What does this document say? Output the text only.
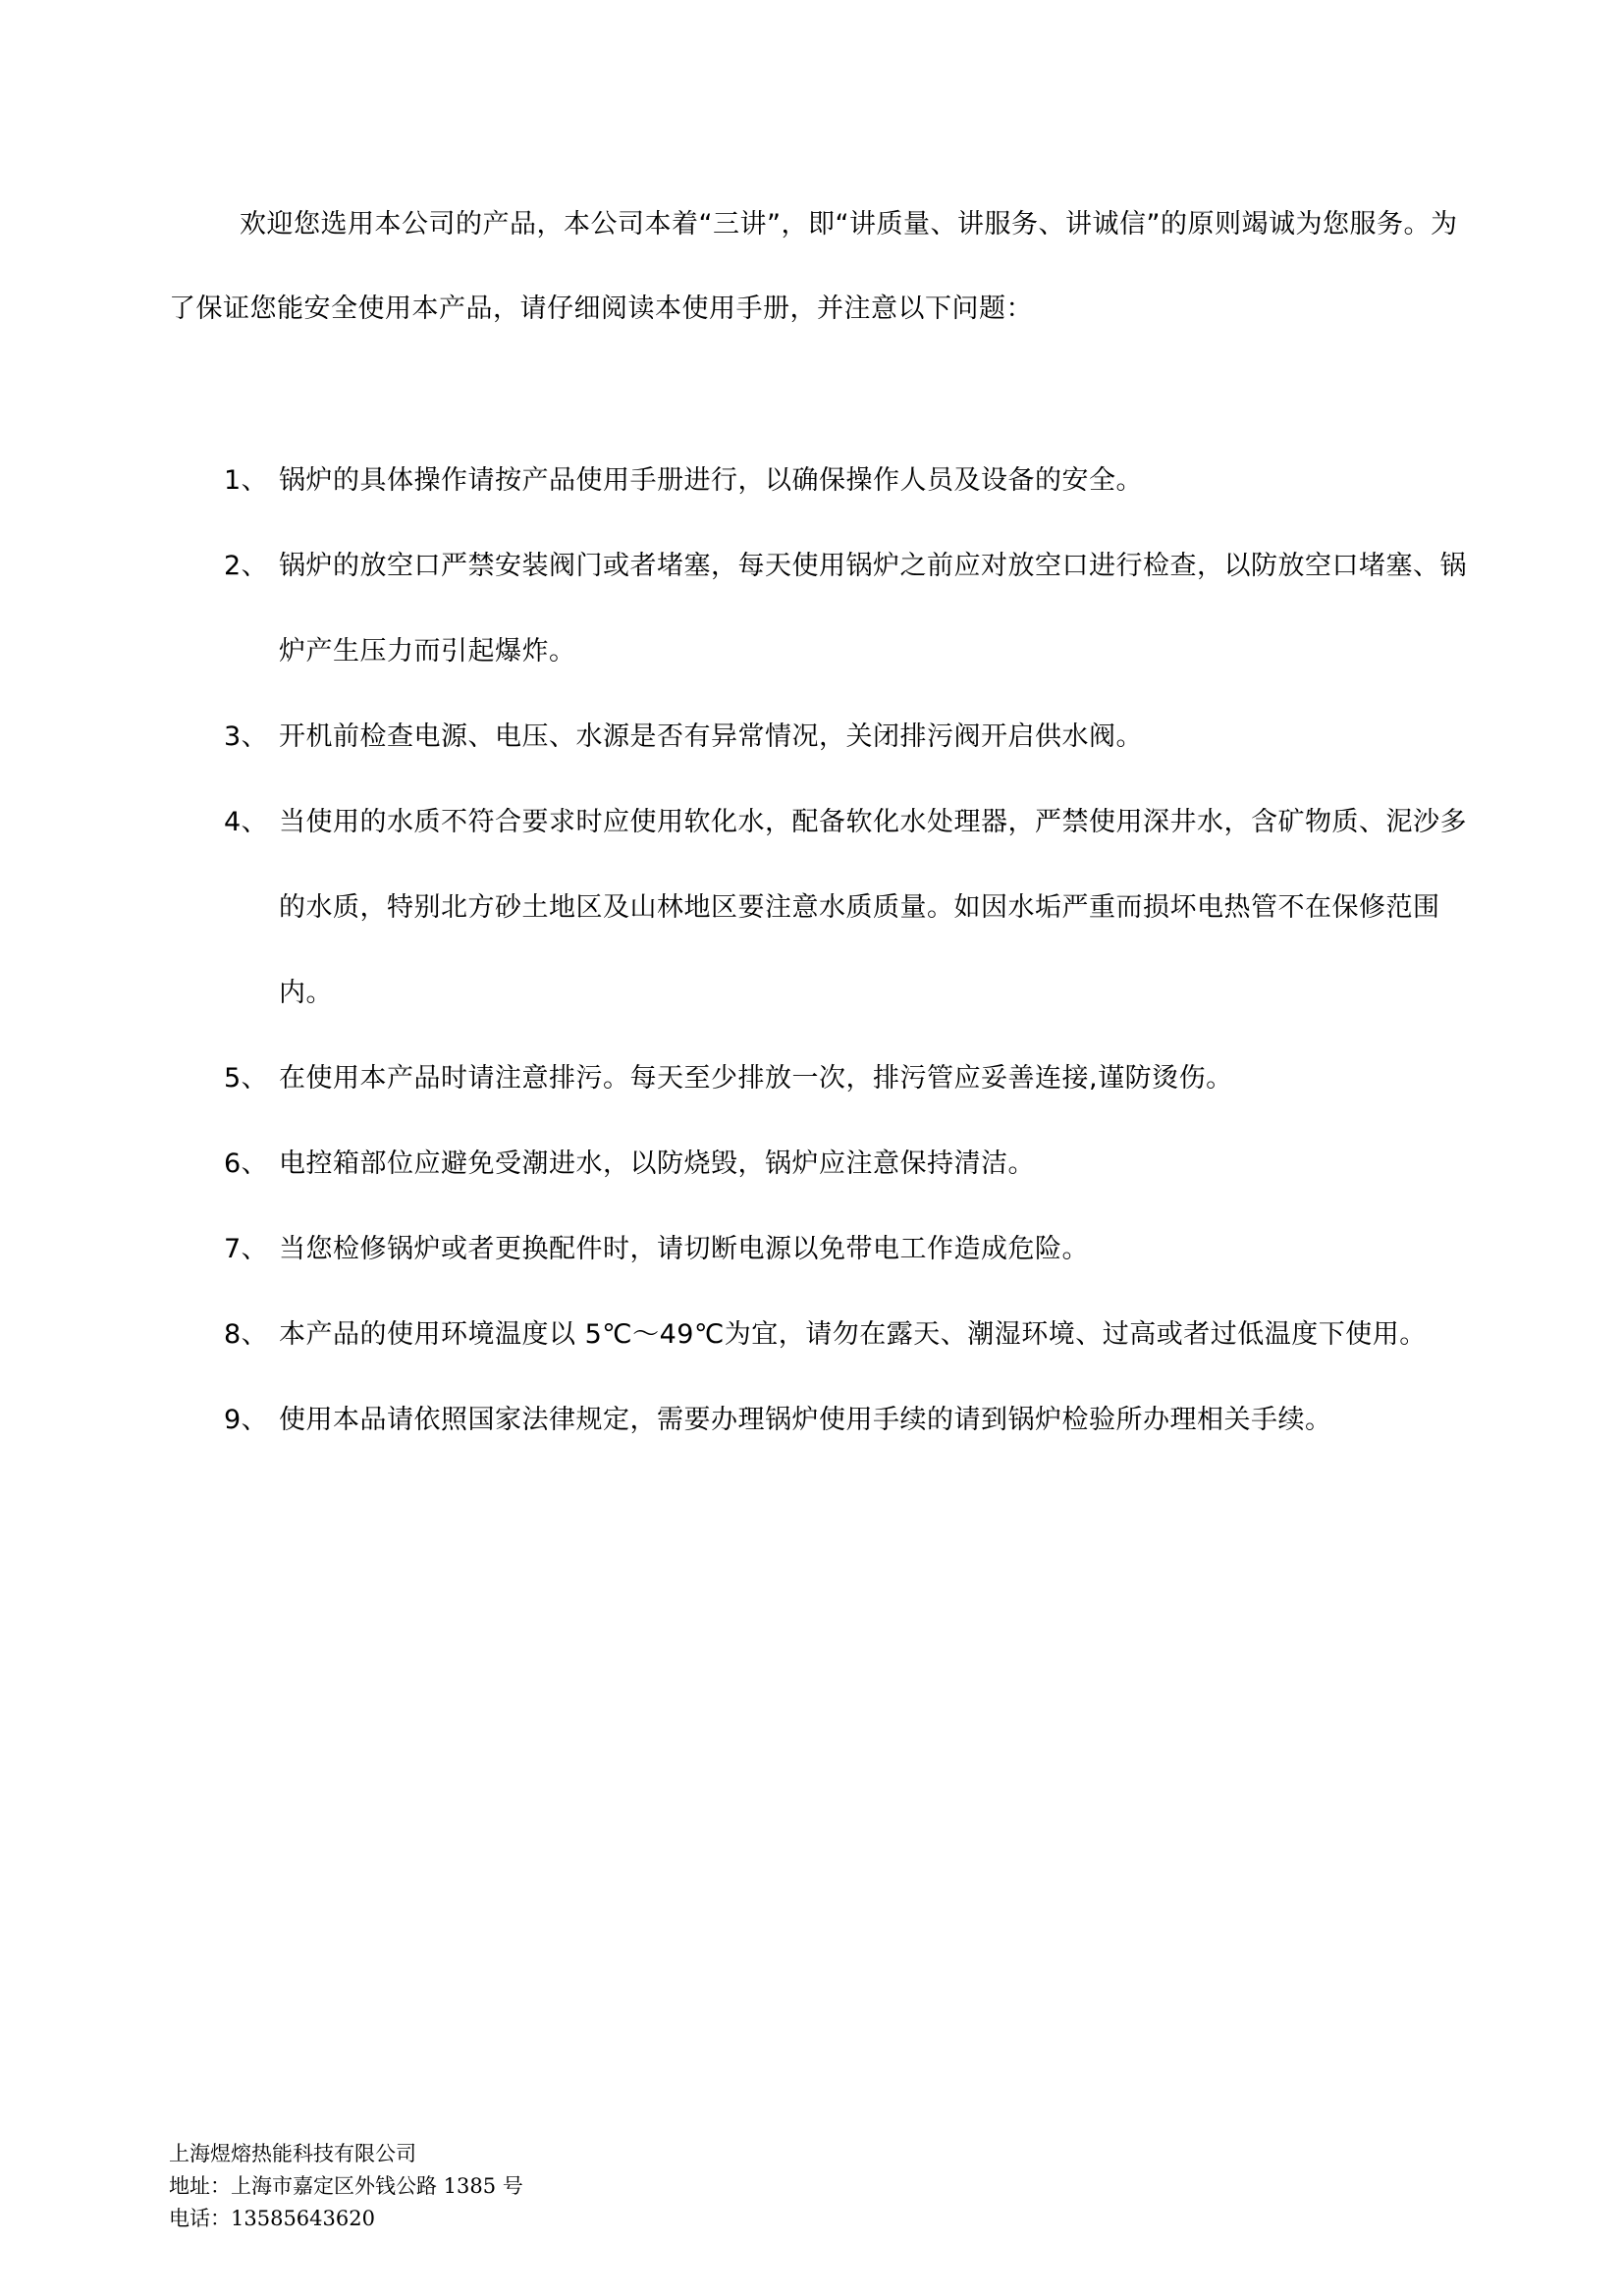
欢迎您选用本公司的产品，本公司本着“三讲”，即“讲质量、讲服务、讲诚信”的原则竭诚为您服务。为了保证您能安全使用本产品，请仔细阅读本使用手册，并注意以下问题：

1、 锅炉的具体操作请按产品使用手册进行，以确保操作人员及设备的安全。
2、 锅炉的放空口严禁安装阀门或者堵塞，每天使用锅炉之前应对放空口进行检查，以防放空口堵塞、锅炉产生压力而引起爆炸。
3、 开机前检查电源、电压、水源是否有异常情况，关闭排污阀开启供水阀。
4、 当使用的水质不符合要求时应使用软化水，配备软化水处理器，严禁使用深井水，含矿物质、泥沙多的水质，特别北方砂土地区及山林地区要注意水质质量。如因水垢严重而损坏电热管不在保修范围内。
5、 在使用本产品时请注意排污。每天至少排放一次，排污管应妥善连接,谨防烫伤。
6、 电控箱部位应避免受潮进水，以防烧毁，锅炉应注意保持清洁。
7、 当您检修锅炉或者更换配件时，请切断电源以免带电工作造成危险。
8、 本产品的使用环境温度以 5℃～49℃为宜，请勿在露天、潮湿环境、过高或者过低温度下使用。
9、 使用本品请依照国家法律规定，需要办理锅炉使用手续的请到锅炉检验所办理相关手续。
上海煜熔热能科技有限公司
地址：上海市嘉定区外钱公路 1385 号
电话：13585643620
